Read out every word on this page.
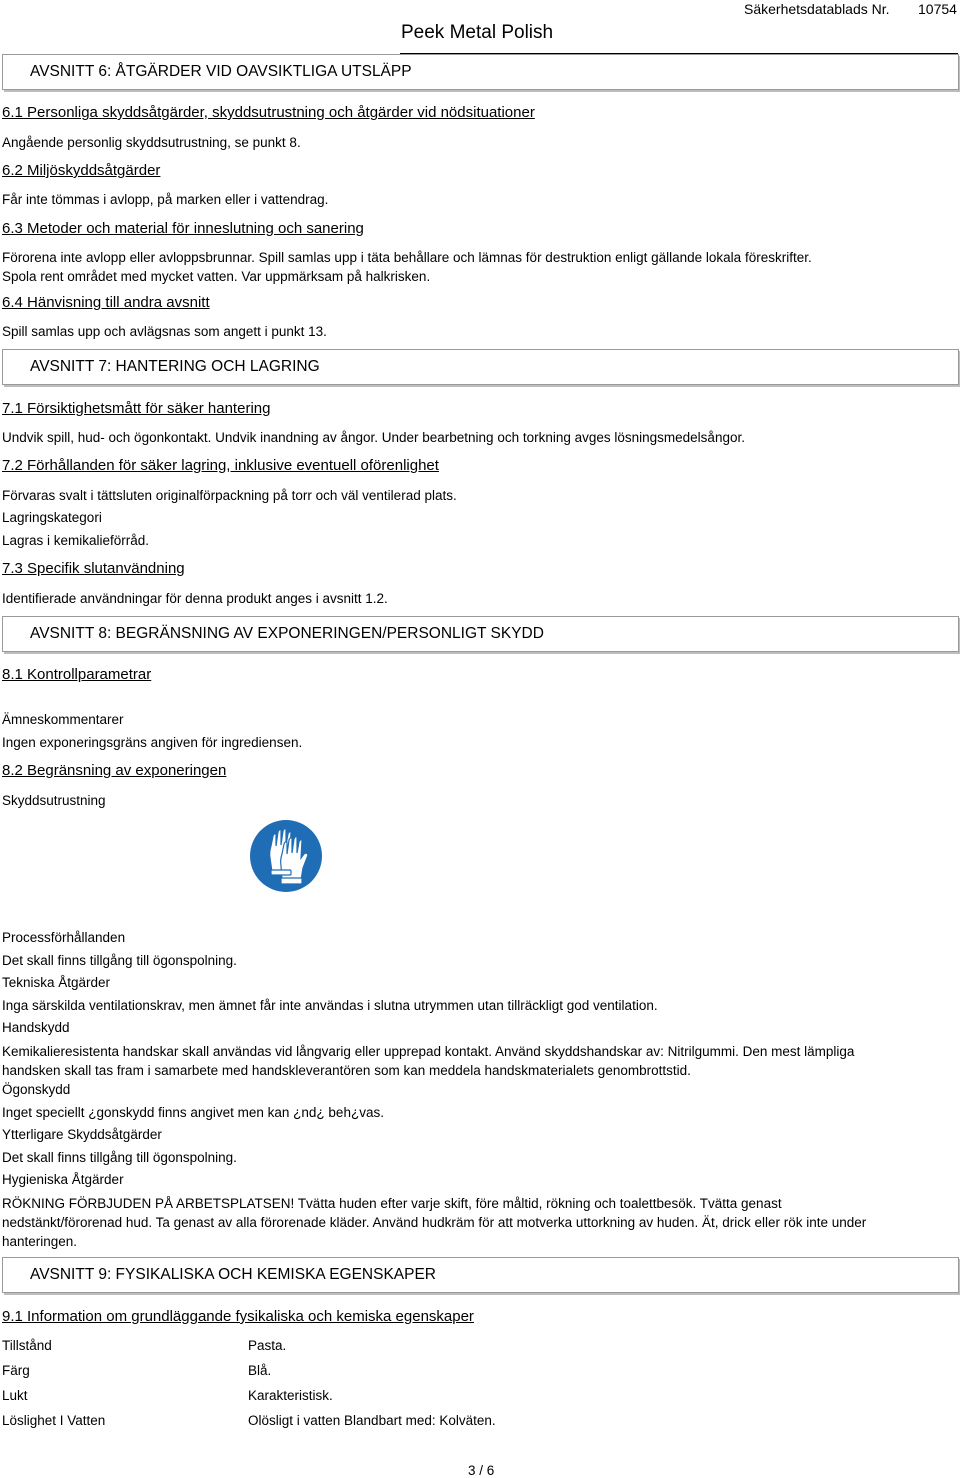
Peek Metal Polish
Säkerhetsdatablads Nr. 10754
AVSNITT 6: ÅTGÄRDER VID OAVSIKTLIGA UTSLÄPP
6.1 Personliga skyddsåtgärder, skyddsutrustning och åtgärder vid nödsituationer
Angående personlig skyddsutrustning, se punkt 8.
6.2 Miljöskyddsåtgärder
Får inte tömmas i avlopp, på marken eller i vattendrag.
6.3 Metoder och material för inneslutning och sanering
Förorena inte avlopp eller avloppsbrunnar. Spill samlas upp i täta behållare och lämnas för destruktion enligt gällande lokala föreskrifter.
Spola rent området med mycket vatten. Var uppmärksam på halkrisken.
6.4 Hänvisning till andra avsnitt
Spill samlas upp och avlägsnas som angett i punkt 13.
AVSNITT 7: HANTERING OCH LAGRING
7.1 Försiktighetsmått för säker hantering
Undvik spill, hud- och ögonkontakt. Undvik inandning av ångor. Under bearbetning och torkning avges lösningsmedelsångor.
7.2 Förhållanden för säker lagring, inklusive eventuell oförenlighet
Förvaras svalt i tättsluten originalförpackning på torr och väl ventilerad plats.
Lagringskategori
Lagras i kemikalieförråd.
7.3 Specifik slutanvändning
Identifierade användningar för denna produkt anges i avsnitt 1.2.
AVSNITT 8: BEGRÄNSNING AV EXPONERINGEN/PERSONLIGT SKYDD
8.1 Kontrollparametrar
Ämneskommentarer
Ingen exponeringsgräns angiven för ingrediensen.
8.2 Begränsning av exponeringen
Skyddsutrustning
Processförhållanden
Det skall finns tillgång till ögonspolning.
Tekniska Åtgärder
Inga särskilda ventilationskrav, men ämnet får inte användas i slutna utrymmen utan tillräckligt god ventilation.
Handskydd
Kemikalieresistenta handskar skall användas vid långvarig eller upprepad kontakt. Använd skyddshandskar av: Nitrilgummi. Den mest lämpliga handsken skall tas fram i samarbete med handskleverantören som kan meddela handskmaterialets genombrottstid.
Ögonskydd
Inget speciellt ¿gonskydd finns angivet men kan ¿nd¿ beh¿vas.
Ytterligare Skyddsåtgärder
Det skall finns tillgång till ögonspolning.
Hygieniska Åtgärder
RÖKNING FÖRBJUDEN PÅ ARBETSPLATSEN! Tvätta huden efter varje skift, före måltid, rökning och toalettbesök. Tvätta genast nedstänkt/förorenad hud. Ta genast av alla förorenade kläder. Använd hudkräm för att motverka uttorkning av huden. Ät, drick eller rök inte under hanteringen.
AVSNITT 9: FYSIKALISKA OCH KEMISKA EGENSKAPER
9.1 Information om grundläggande fysikaliska och kemiska egenskaper
Tillstånd	Pasta.
Färg	Blå.
Lukt	Karakteristisk.
Löslighet I Vatten	Olösligt i vatten Blandbart med: Kolväten.
3 / 6
